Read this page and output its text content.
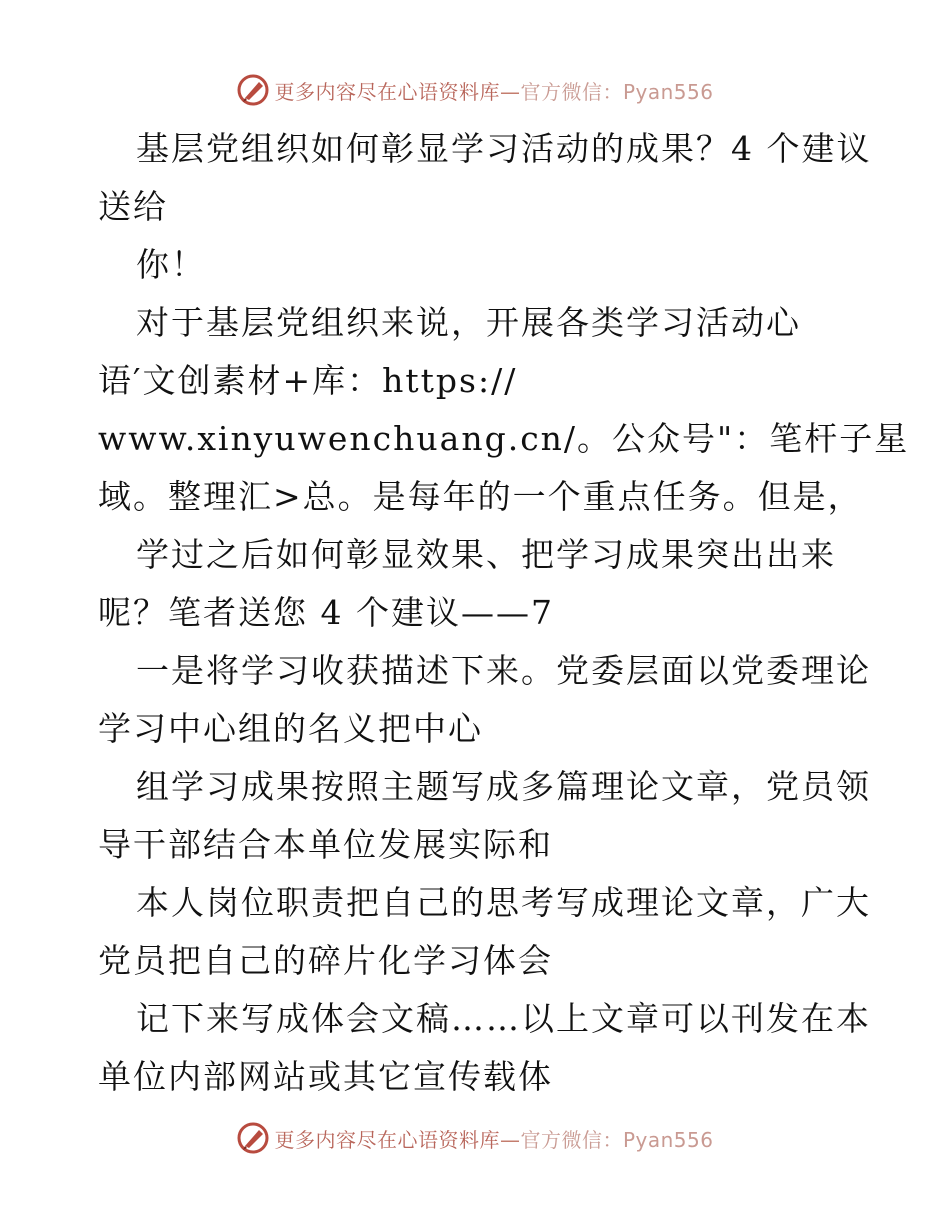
更多内容尽在心语资料库—官方微信：Pyan556
基层党组织如何彰显学习活动的成果？4 个建议
送给
你！
对于基层党组织来说，开展各类学习活动心
语′文创素材+库：https://
www.xinyuwenchuang.cn/。公众号"：笔杆子星
域。整理汇>总。是每年的一个重点任务。但是，
学过之后如何彰显效果、把学习成果突出出来
呢？笔者送您 4 个建议——7
一是将学习收获描述下来。党委层面以党委理论
学习中心组的名义把中心
组学习成果按照主题写成多篇理论文章，党员领
导干部结合本单位发展实际和
本人岗位职责把自己的思考写成理论文章，广大
党员把自己的碎片化学习体会
记下来写成体会文稿……以上文章可以刊发在本
单位内部网站或其它宣传载体
更多内容尽在心语资料库—官方微信：Pyan556
